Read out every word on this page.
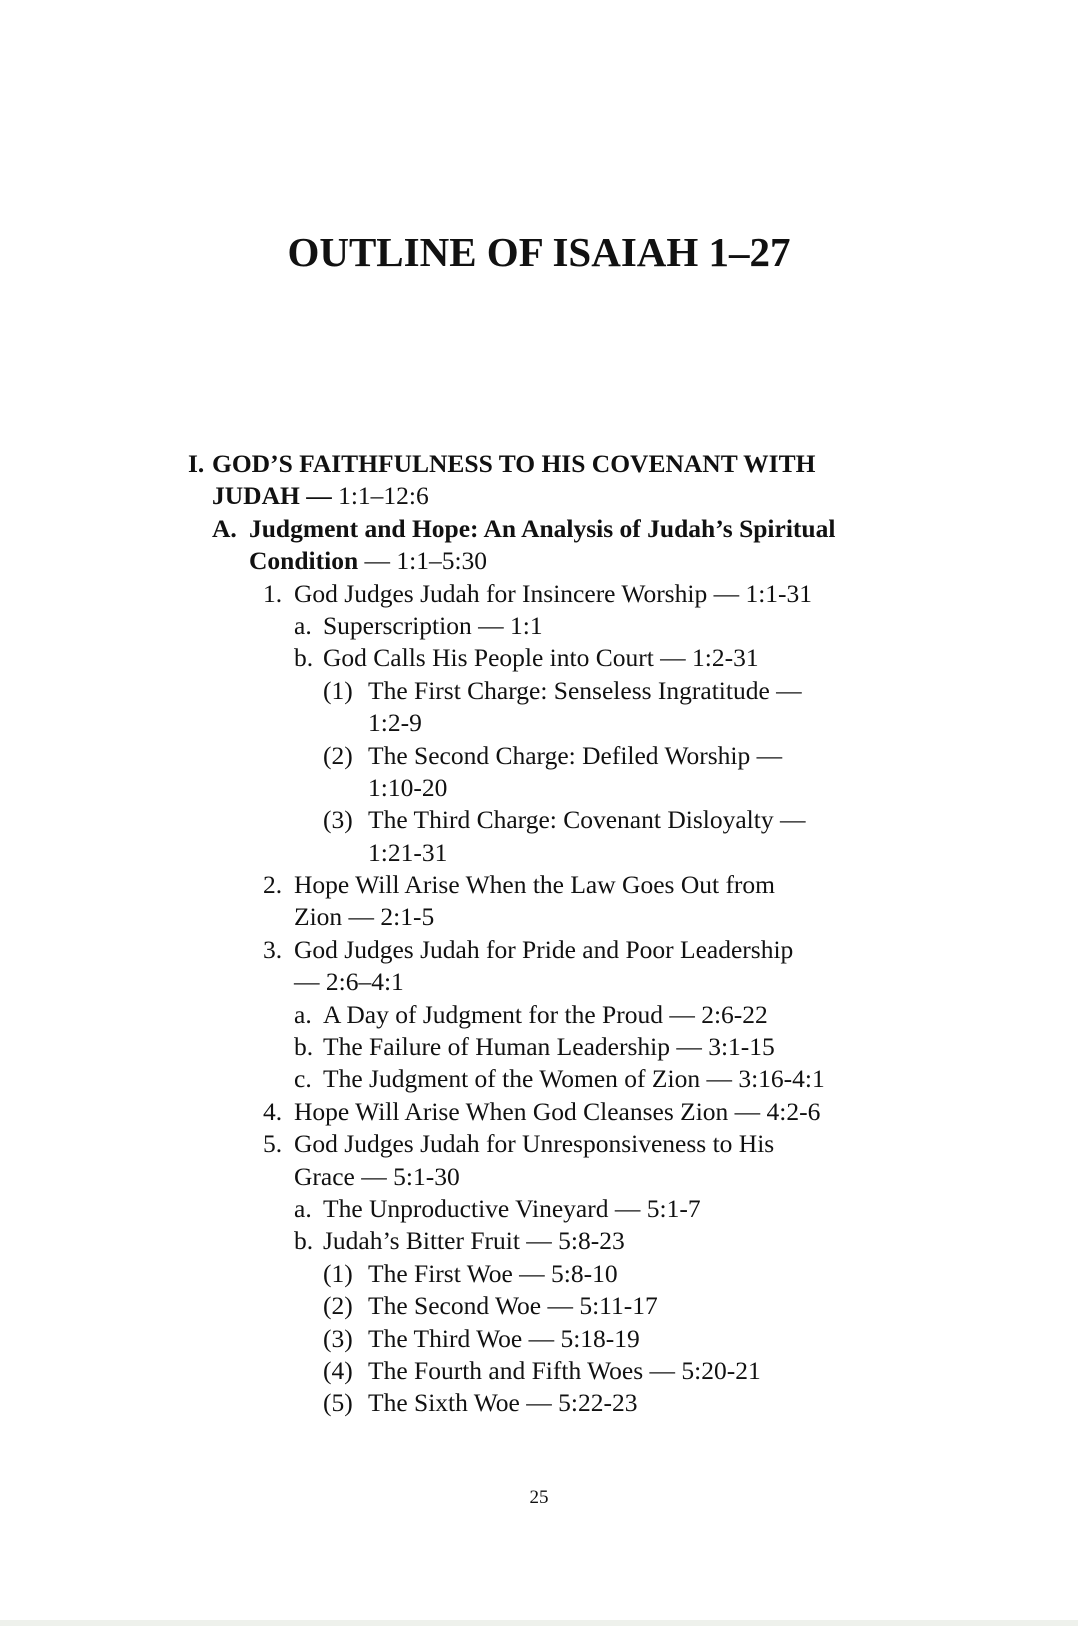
OUTLINE OF ISAIAH 1–27
I. GOD’S FAITHFULNESS TO HIS COVENANT WITH
JUDAH — 1:1–12:6
A. Judgment and Hope: An Analysis of Judah’s Spiritual
Condition — 1:1–5:30
1. God Judges Judah for Insincere Worship — 1:1-31
a. Superscription — 1:1
b. God Calls His People into Court — 1:2-31
(1) The First Charge: Senseless Ingratitude —
1:2-9
(2) The Second Charge: Defiled Worship —
1:10-20
(3) The Third Charge: Covenant Disloyalty —
1:21-31
2. Hope Will Arise When the Law Goes Out from
Zion — 2:1-5
3. God Judges Judah for Pride and Poor Leadership
— 2:6–4:1
a. A Day of Judgment for the Proud — 2:6-22
b. The Failure of Human Leadership — 3:1-15
c. The Judgment of the Women of Zion — 3:16-4:1
4. Hope Will Arise When God Cleanses Zion — 4:2-6
5. God Judges Judah for Unresponsiveness to His
Grace — 5:1-30
a. The Unproductive Vineyard — 5:1-7
b. Judah’s Bitter Fruit — 5:8-23
(1) The First Woe — 5:8-10
(2) The Second Woe — 5:11-17
(3) The Third Woe — 5:18-19
(4) The Fourth and Fifth Woes — 5:20-21
(5) The Sixth Woe — 5:22-23
25
